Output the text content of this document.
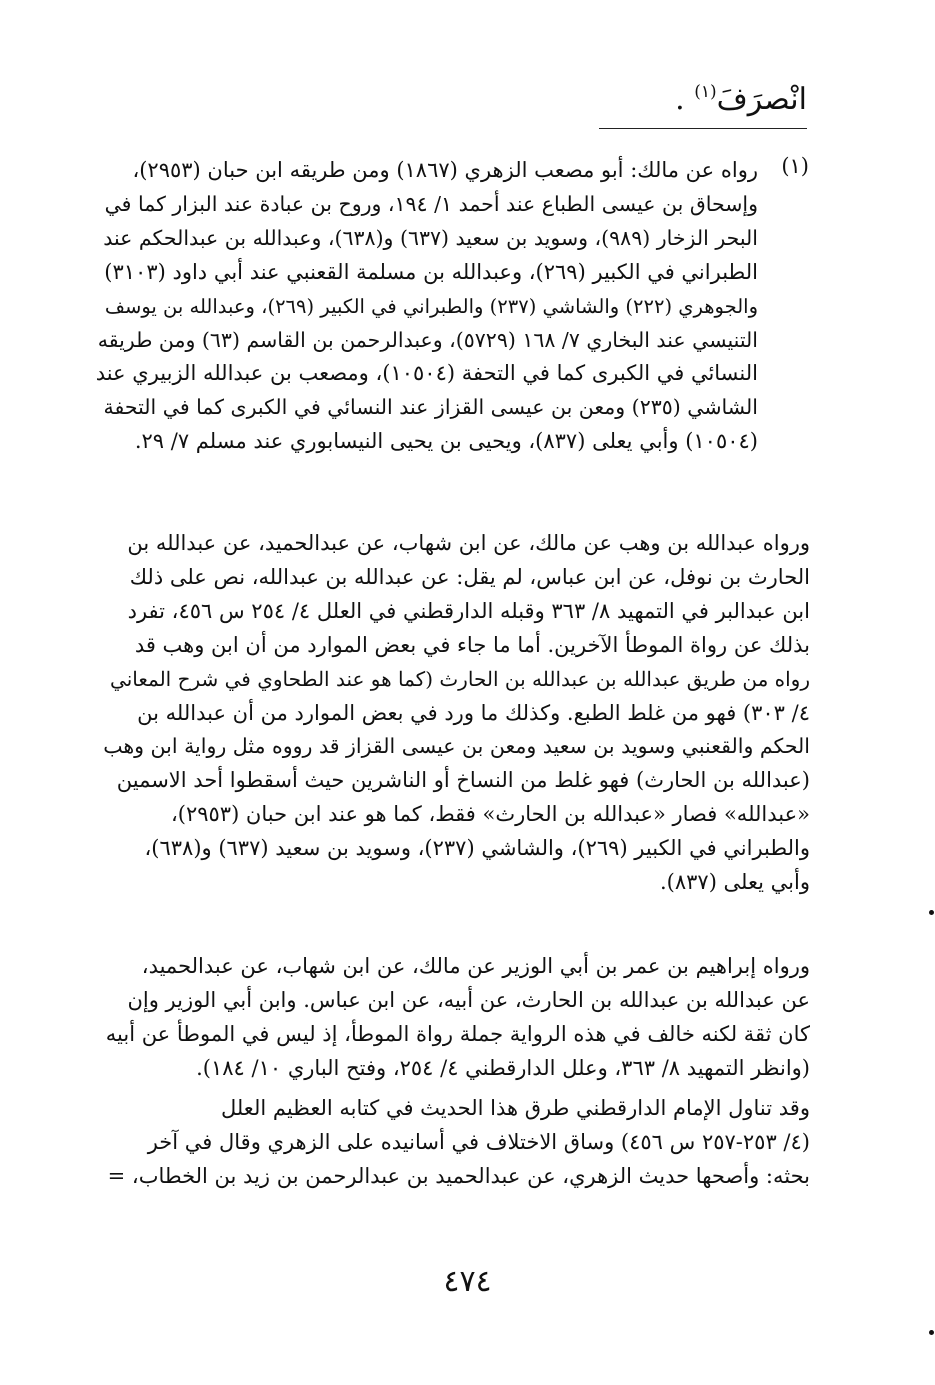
انْصرَفَ$^{(١)}$ .
(١)
رواه عن مالك: أبو مصعب الزهري (١٨٦٧) ومن طريقه ابن حبان (٢٩٥٣)،
وإسحاق بن عيسى الطباع عند أحمد ١/ ١٩٤، وروح بن عبادة عند البزار كما في
البحر الزخار (٩٨٩)، وسويد بن سعيد (٦٣٧) و(٦٣٨)، وعبدالله بن عبدالحكم عند
الطبراني في الكبير (٢٦٩)، وعبدالله بن مسلمة القعنبي عند أبي داود (٣١٠٣)
والجوهري (٢٢٢) والشاشي (٢٣٧) والطبراني في الكبير (٢٦٩)، وعبدالله بن يوسف
التنيسي عند البخاري ٧/ ١٦٨ (٥٧٢٩)، وعبدالرحمن بن القاسم (٦٣) ومن طريقه
النسائي في الكبرى كما في التحفة (١٠٥٠٤)، ومصعب بن عبدالله الزبيري عند
الشاشي (٢٣٥) ومعن بن عيسى القزاز عند النسائي في الكبرى كما في التحفة
(١٠٥٠٤) وأبي يعلى (٨٣٧)، ويحيى بن يحيى النيسابوري عند مسلم ٧/ ٢٩.
ورواه عبدالله بن وهب عن مالك، عن ابن شهاب، عن عبدالحميد، عن عبدالله بن
الحارث بن نوفل، عن ابن عباس، لم يقل: عن عبدالله بن عبدالله، نص على ذلك
ابن عبدالبر في التمهيد ٨/ ٣٦٣ وقبله الدارقطني في العلل ٤/ ٢٥٤ س ٤٥٦، تفرد
بذلك عن رواة الموطأ الآخرين. أما ما جاء في بعض الموارد من أن ابن وهب قد
رواه من طريق عبدالله بن عبدالله بن الحارث (كما هو عند الطحاوي في شرح المعاني
٤/ ٣٠٣) فهو من غلط الطبع. وكذلك ما ورد في بعض الموارد من أن عبدالله بن
الحكم والقعنبي وسويد بن سعيد ومعن بن عيسى القزاز قد رووه مثل رواية ابن وهب
(عبدالله بن الحارث) فهو غلط من النساخ أو الناشرين حيث أسقطوا أحد الاسمين
«عبدالله» فصار «عبدالله بن الحارث» فقط، كما هو عند ابن حبان (٢٩٥٣)،
والطبراني في الكبير (٢٦٩)، والشاشي (٢٣٧)، وسويد بن سعيد (٦٣٧) و(٦٣٨)،
وأبي يعلى (٨٣٧).
ورواه إبراهيم بن عمر بن أبي الوزير عن مالك، عن ابن شهاب، عن عبدالحميد،
عن عبدالله بن عبدالله بن الحارث، عن أبيه، عن ابن عباس. وابن أبي الوزير وإن
كان ثقة لكنه خالف في هذه الرواية جملة رواة الموطأ، إذ ليس في الموطأ عن أبيه
(وانظر التمهيد ٨/ ٣٦٣، وعلل الدارقطني ٤/ ٢٥٤، وفتح الباري ١٠/ ١٨٤).
وقد تناول الإمام الدارقطني طرق هذا الحديث في كتابه العظيم العلل
(٤/ ٢٥٣-٢٥٧ س ٤٥٦) وساق الاختلاف في أسانيده على الزهري وقال في آخر
بحثه: وأصحها حديث الزهري، عن عبدالحميد بن عبدالرحمن بن زيد بن الخطاب، =
٤٧٤
